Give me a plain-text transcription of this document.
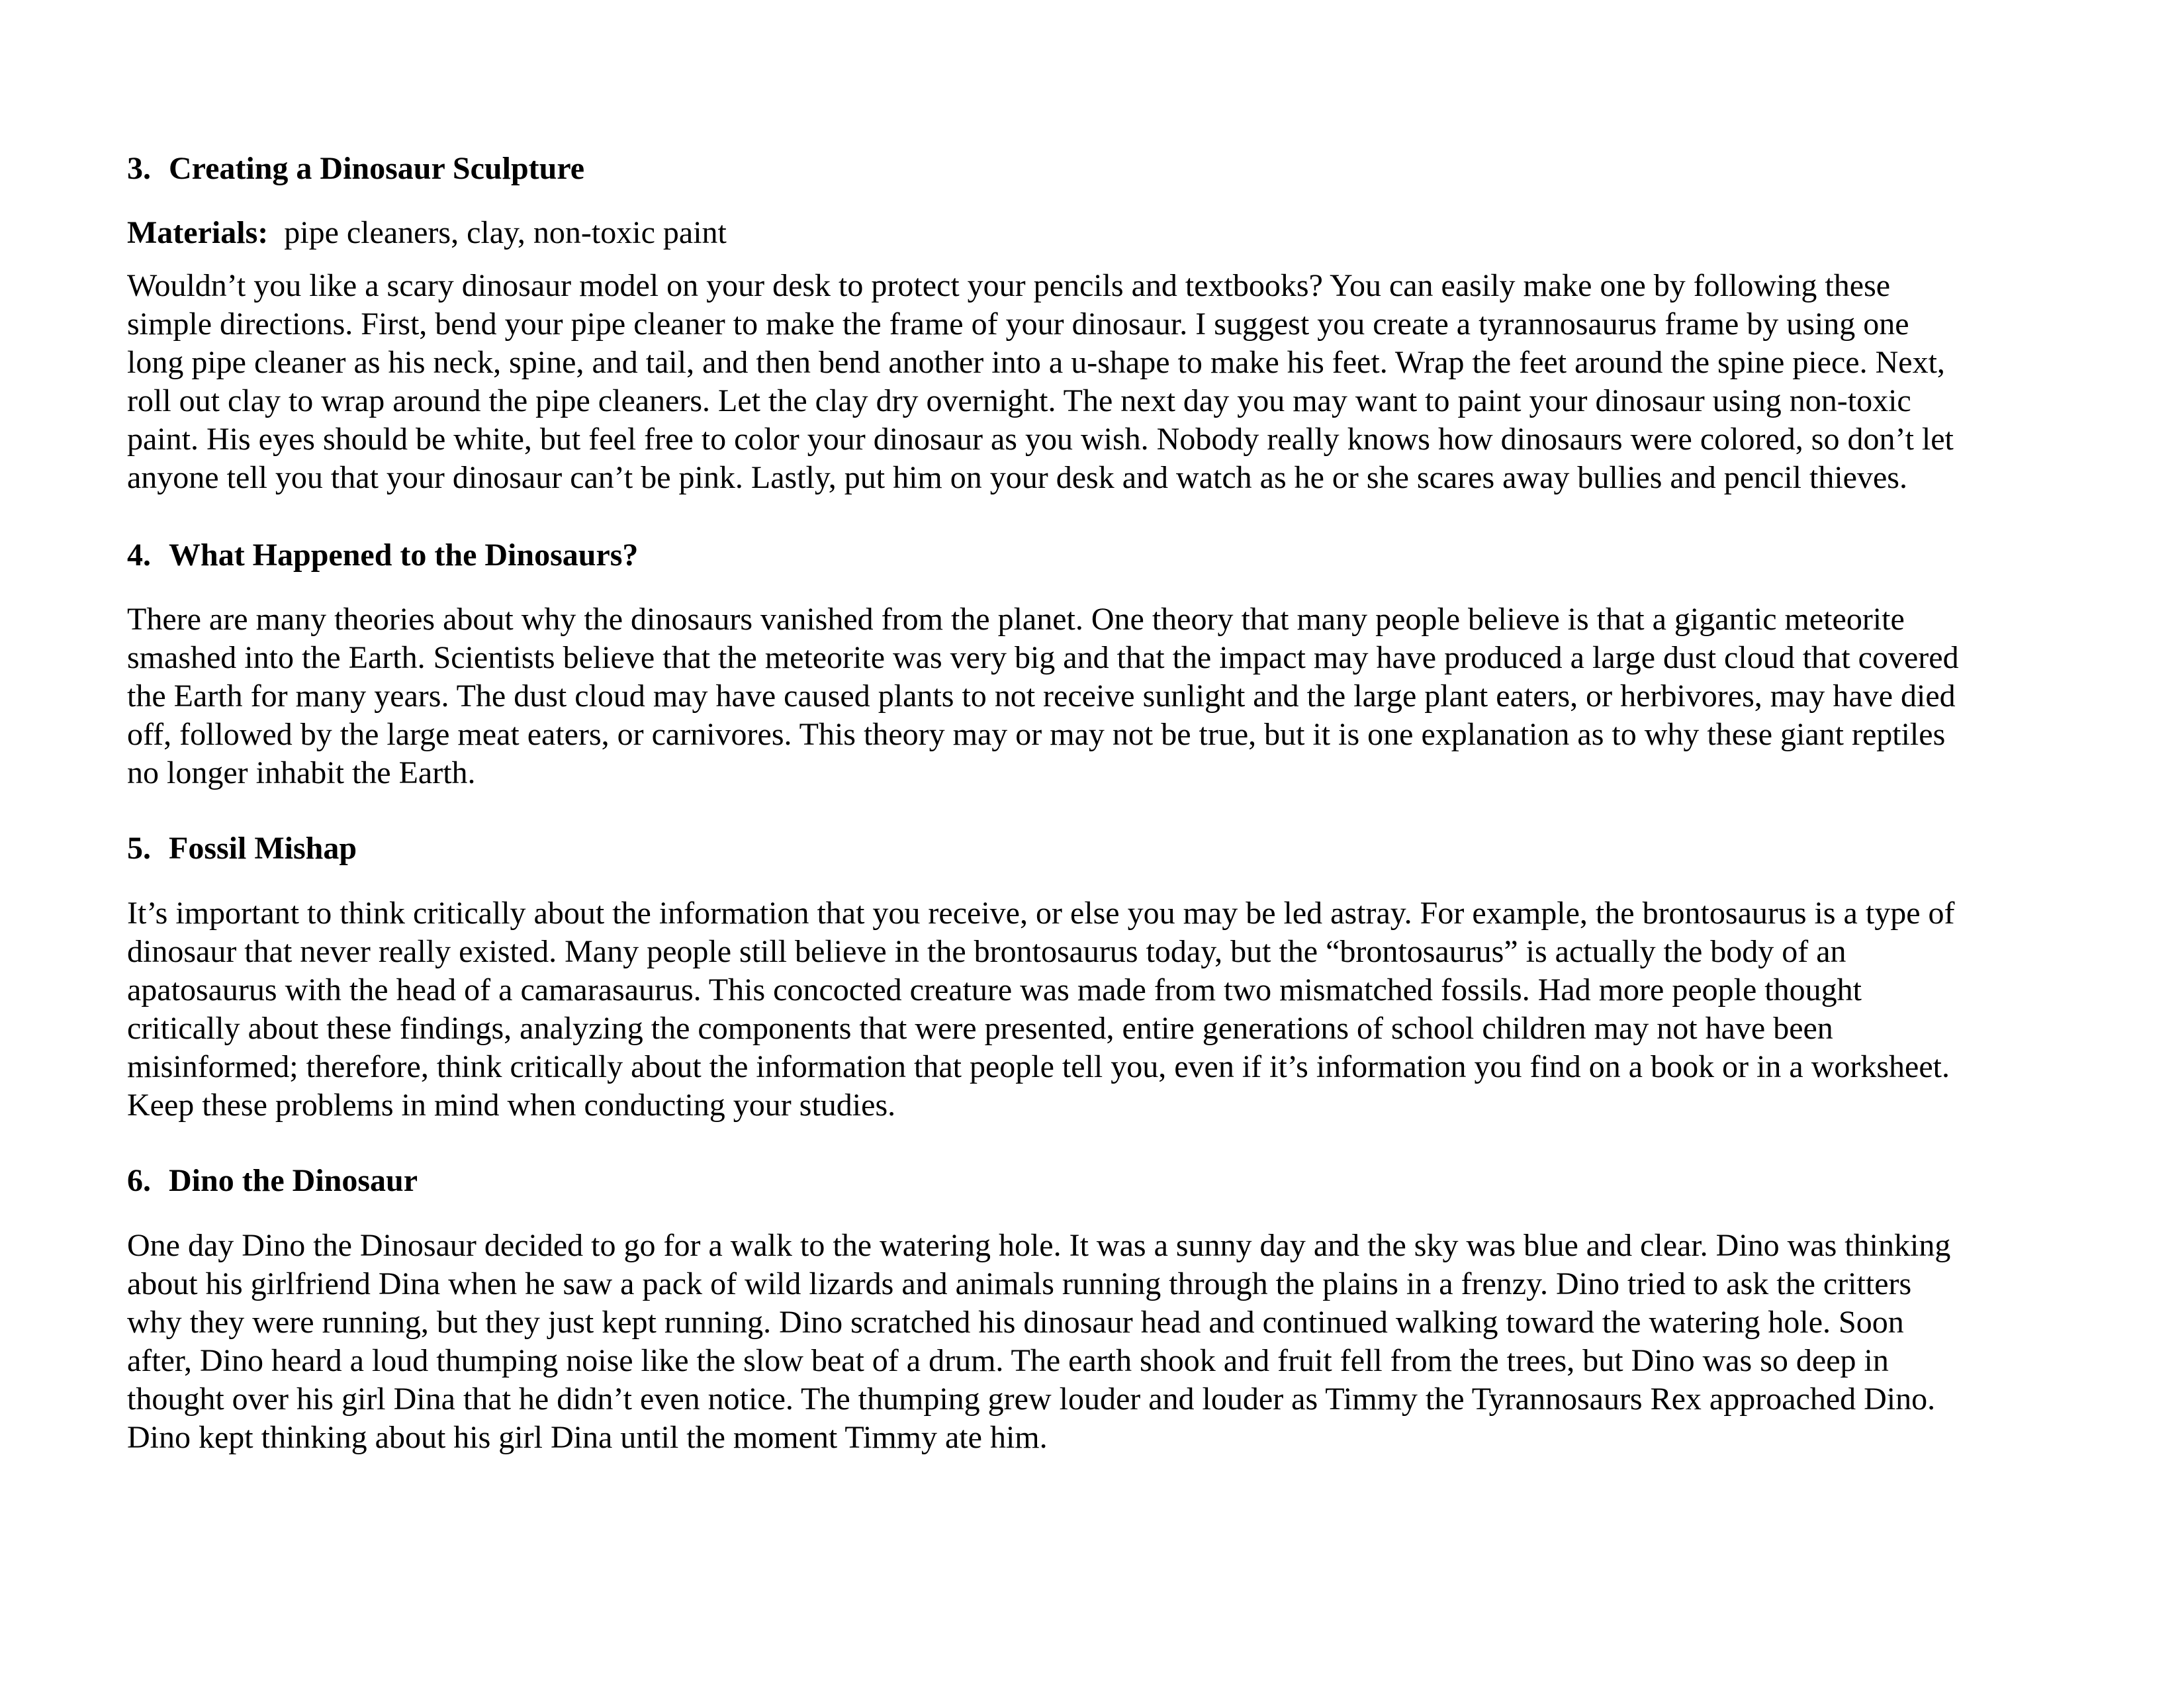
3. Creating a Dinosaur Sculpture

Materials: pipe cleaners, clay, non-toxic paint
Wouldn’t you like a scary dinosaur model on your desk to protect your pencils and textbooks? You can easily make one by following these
simple directions. First, bend your pipe cleaner to make the frame of your dinosaur. I suggest you create a tyrannosaurus frame by using one
long pipe cleaner as his neck, spine, and tail, and then bend another into a u-shape to make his feet. Wrap the feet around the spine piece. Next,
roll out clay to wrap around the pipe cleaners. Let the clay dry overnight. The next day you may want to paint your dinosaur using non-toxic
paint. His eyes should be white, but feel free to color your dinosaur as you wish. Nobody really knows how dinosaurs were colored, so don’t let
anyone tell you that your dinosaur can’t be pink. Lastly, put him on your desk and watch as he or she scares away bullies and pencil thieves.

4. What Happened to the Dinosaurs?

There are many theories about why the dinosaurs vanished from the planet. One theory that many people believe is that a gigantic meteorite
smashed into the Earth. Scientists believe that the meteorite was very big and that the impact may have produced a large dust cloud that covered
the Earth for many years. The dust cloud may have caused plants to not receive sunlight and the large plant eaters, or herbivores, may have died
off, followed by the large meat eaters, or carnivores. This theory may or may not be true, but it is one explanation as to why these giant reptiles
no longer inhabit the Earth.

5. Fossil Mishap

It’s important to think critically about the information that you receive, or else you may be led astray. For example, the brontosaurus is a type of
dinosaur that never really existed. Many people still believe in the brontosaurus today, but the “brontosaurus” is actually the body of an
apatosaurus with the head of a camarasaurus. This concocted creature was made from two mismatched fossils. Had more people thought
critically about these findings, analyzing the components that were presented, entire generations of school children may not have been
misinformed; therefore, think critically about the information that people tell you, even if it’s information you find on a book or in a worksheet.
Keep these problems in mind when conducting your studies.

6. Dino the Dinosaur

One day Dino the Dinosaur decided to go for a walk to the watering hole. It was a sunny day and the sky was blue and clear. Dino was thinking
about his girlfriend Dina when he saw a pack of wild lizards and animals running through the plains in a frenzy. Dino tried to ask the critters
why they were running, but they just kept running. Dino scratched his dinosaur head and continued walking toward the watering hole. Soon
after, Dino heard a loud thumping noise like the slow beat of a drum. The earth shook and fruit fell from the trees, but Dino was so deep in
thought over his girl Dina that he didn’t even notice. The thumping grew louder and louder as Timmy the Tyrannosaurs Rex approached Dino.
Dino kept thinking about his girl Dina until the moment Timmy ate him.
